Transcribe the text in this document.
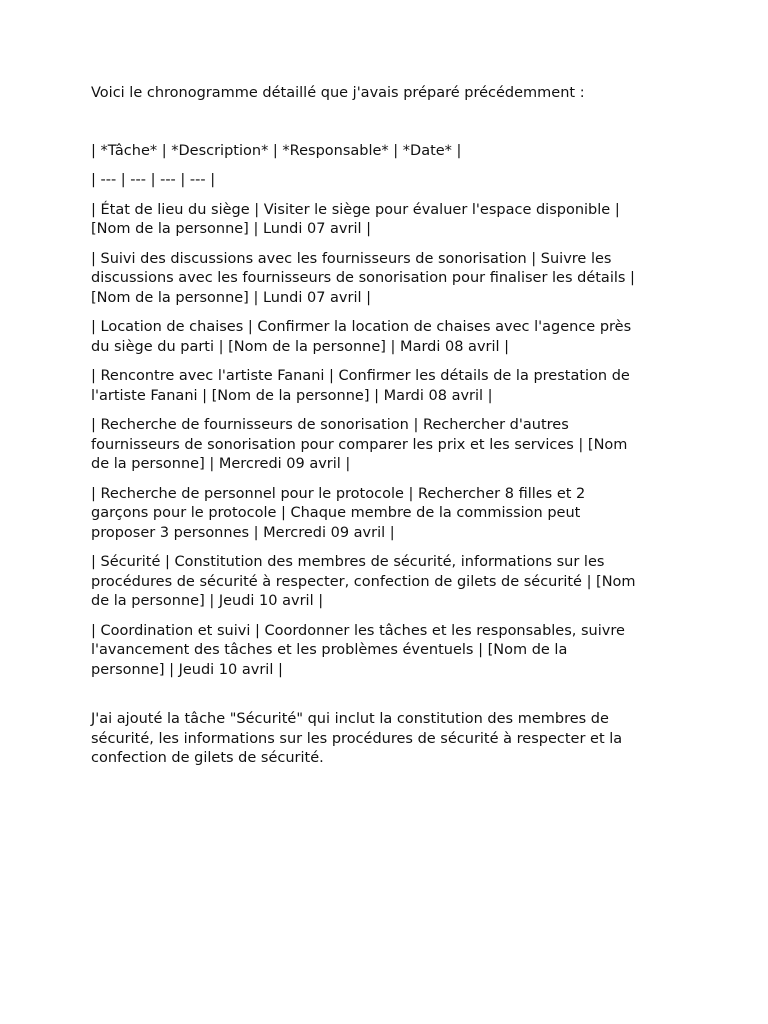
Voici le chronogramme détaillé que j'avais préparé précédemment :

| *Tâche* | *Description* | *Responsable* | *Date* |

| --- | --- | --- | --- |

| État de lieu du siège | Visiter le siège pour évaluer l'espace disponible |
[Nom de la personne] | Lundi 07 avril |
| Suivi des discussions avec les fournisseurs de sonorisation | Suivre les
discussions avec les fournisseurs de sonorisation pour finaliser les détails |
[Nom de la personne] | Lundi 07 avril |
| Location de chaises | Confirmer la location de chaises avec l'agence près
du siège du parti | [Nom de la personne] | Mardi 08 avril |
| Rencontre avec l'artiste Fanani | Confirmer les détails de la prestation de
l'artiste Fanani | [Nom de la personne] | Mardi 08 avril |
| Recherche de fournisseurs de sonorisation | Rechercher d'autres
fournisseurs de sonorisation pour comparer les prix et les services | [Nom
de la personne] | Mercredi 09 avril |
| Recherche de personnel pour le protocole | Rechercher 8 filles et 2
garçons pour le protocole | Chaque membre de la commission peut
proposer 3 personnes | Mercredi 09 avril |
| Sécurité | Constitution des membres de sécurité, informations sur les
procédures de sécurité à respecter, confection de gilets de sécurité | [Nom
de la personne] | Jeudi 10 avril |
| Coordination et suivi | Coordonner les tâches et les responsables, suivre
l'avancement des tâches et les problèmes éventuels | [Nom de la
personne] | Jeudi 10 avril |
J'ai ajouté la tâche "Sécurité" qui inclut la constitution des membres de
sécurité, les informations sur les procédures de sécurité à respecter et la
confection de gilets de sécurité.
